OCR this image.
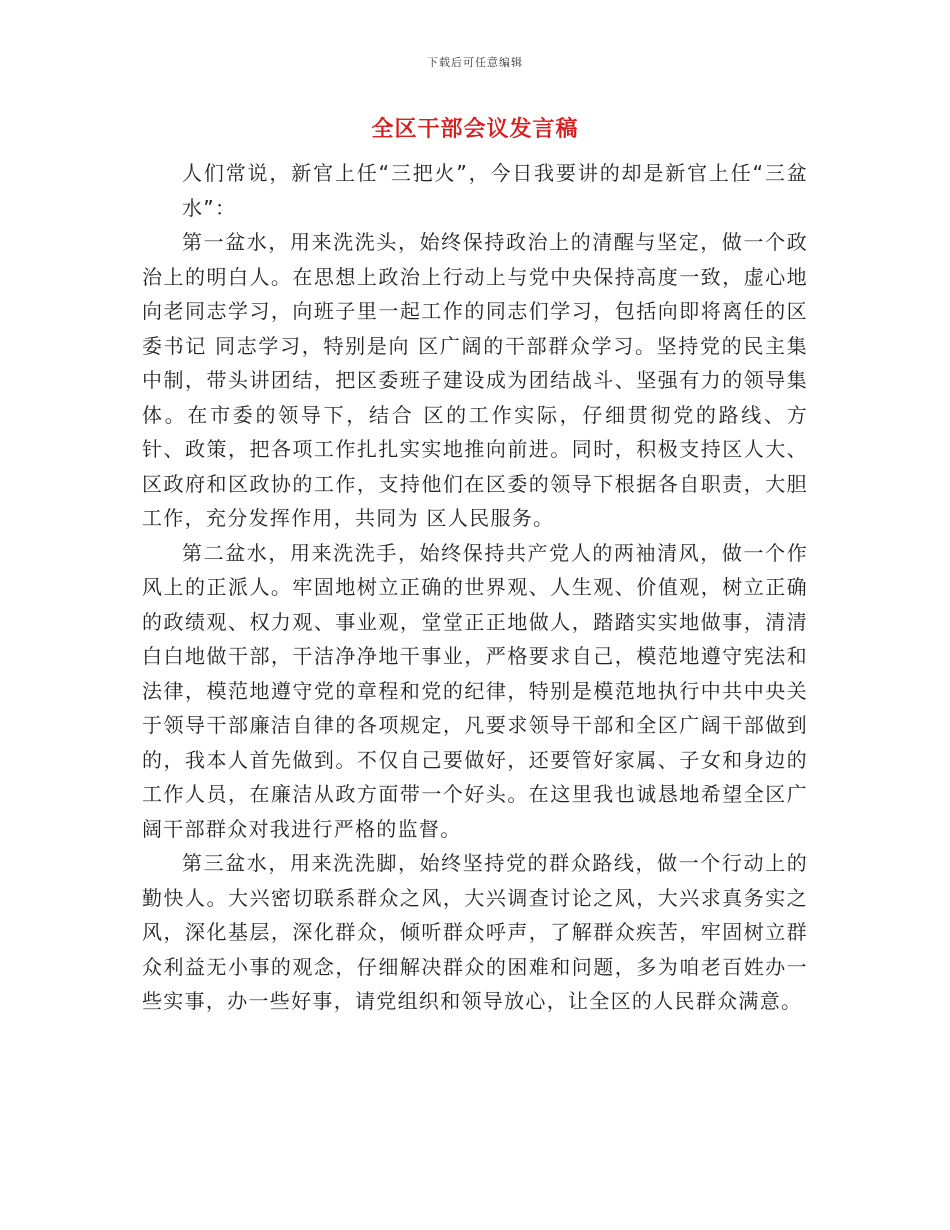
下载后可任意编辑
全区干部会议发言稿

人们常说，新官上任“三把火”，今日我要讲的却是新官上任“三盆水”：

第一盆水，用来洗洗头，始终保持政治上的清醒与坚定，做一个政治上的明白人。在思想上政治上行动上与党中央保持高度一致，虚心地向老同志学习，向班子里一起工作的同志们学习，包括向即将离任的区委书记 同志学习，特别是向 区广阔的干部群众学习。坚持党的民主集中制，带头讲团结，把区委班子建设成为团结战斗、坚强有力的领导集体。在市委的领导下，结合 区的工作实际，仔细贯彻党的路线、方针、政策，把各项工作扎扎实实地推向前进。同时，积极支持区人大、区政府和区政协的工作，支持他们在区委的领导下根据各自职责，大胆工作，充分发挥作用，共同为 区人民服务。

第二盆水，用来洗洗手，始终保持共产党人的两袖清风，做一个作风上的正派人。牢固地树立正确的世界观、人生观、价值观，树立正确的政绩观、权力观、事业观，堂堂正正地做人，踏踏实实地做事，清清白白地做干部，干洁净净地干事业，严格要求自己，模范地遵守宪法和法律，模范地遵守党的章程和党的纪律，特别是模范地执行中共中央关于领导干部廉洁自律的各项规定，凡要求领导干部和全区广阔干部做到的，我本人首先做到。不仅自己要做好，还要管好家属、子女和身边的工作人员，在廉洁从政方面带一个好头。在这里我也诚恳地希望全区广阔干部群众对我进行严格的监督。

第三盆水，用来洗洗脚，始终坚持党的群众路线，做一个行动上的勤快人。大兴密切联系群众之风，大兴调查讨论之风，大兴求真务实之风，深化基层，深化群众，倾听群众呼声，了解群众疾苦，牢固树立群众利益无小事的观念，仔细解决群众的困难和问题，多为咱老百姓办一些实事，办一些好事，请党组织和领导放心，让全区的人民群众满意。
